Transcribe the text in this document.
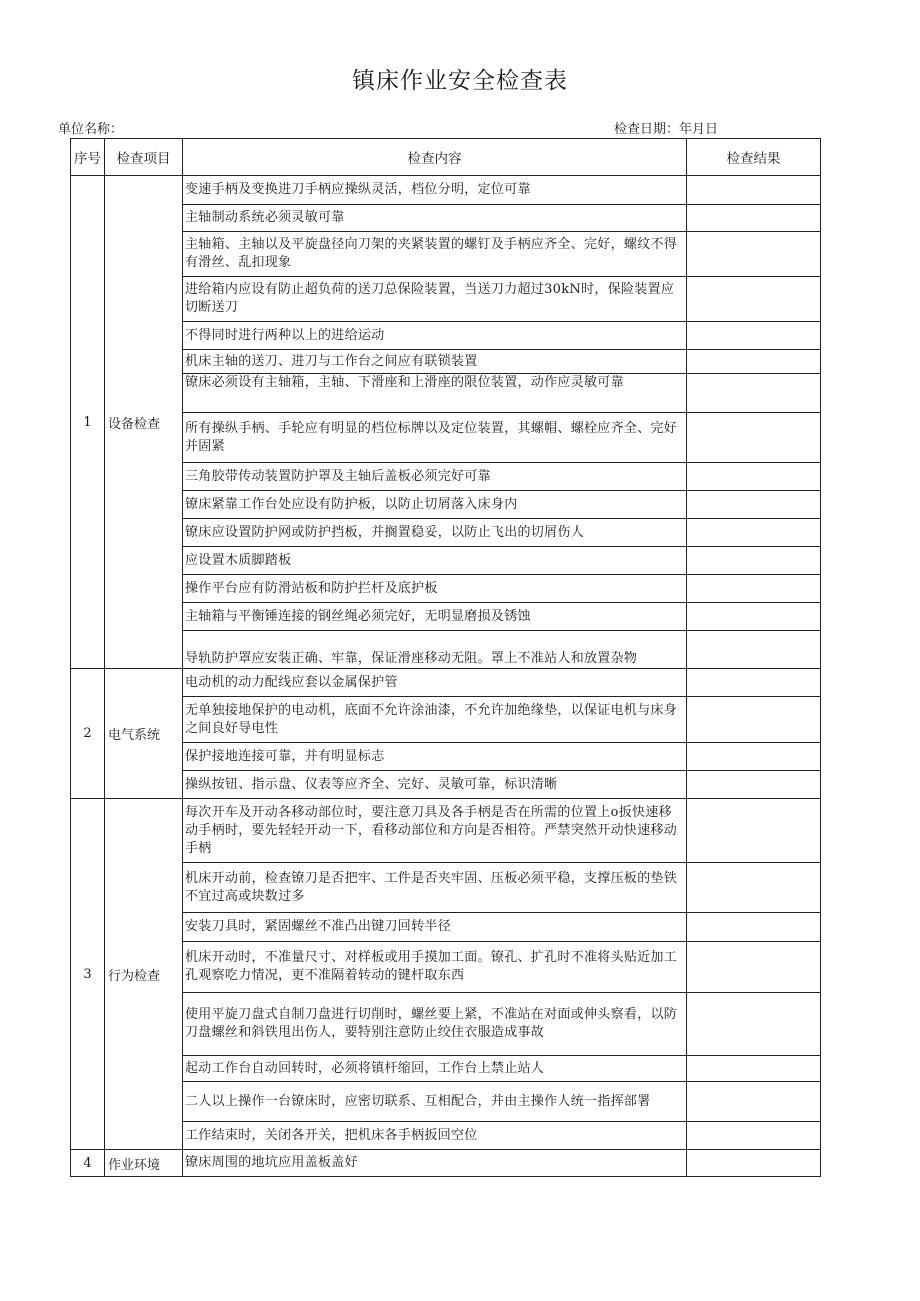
镇床作业安全检查表
单位名称：	检查日期：年月日
序号	检查项目	检查内容	检查结果
1	设备检查	变速手柄及变换进刀手柄应操纵灵活，档位分明，定位可靠	
		主轴制动系统必须灵敏可靠	
		主轴箱、主轴以及平旋盘径向刀架的夹紧装置的螺钉及手柄应齐全、完好，螺纹不得有滑丝、乱扣现象	
		进给箱内应设有防止超负荷的送刀总保险装置，当送刀力超过30kN时，保险装置应切断送刀	
		不得同时进行两种以上的进给运动	
		机床主轴的送刀、进刀与工作台之间应有联锁装置	
		镣床必须设有主轴箱，主轴、下滑座和上滑座的限位装置，动作应灵敏可靠	
		所有操纵手柄、手轮应有明显的档位标牌以及定位装置，其螺帽、螺栓应齐全、完好并固紧	
		三角胶带传动装置防护罩及主轴后盖板必须完好可靠	
		镣床紧靠工作台处应设有防护板，以防止切屑落入床身内	
		镣床应设置防护网或防护挡板，并搁置稳妥，以防止飞出的切屑伤人	
		应设置木质脚踏板	
		操作平台应有防滑站板和防护拦杆及底护板	
		主轴箱与平衡锤连接的钢丝绳必须完好，无明显磨损及锈蚀	
		导轨防护罩应安装正确、牢靠，保证滑座移动无阻。罩上不准站人和放置杂物	
2	电气系统	电动机的动力配线应套以金属保护管	
		无单独接地保护的电动机，底面不允许涂油漆，不允许加绝缘垫，以保证电机与床身之间良好导电性	
		保护接地连接可靠，并有明显标志	
		操纵按钮、指示盘、仪表等应齐全、完好、灵敏可靠，标识清晰	
3	行为检查	每次开车及开动各移动部位时，要注意刀具及各手柄是否在所需的位置上o扳快速移动手柄时，要先轻轻开动一下，看移动部位和方向是否相符。严禁突然开动快速移动手柄	
		机床开动前，检查镣刀是否把牢、工件是否夹牢固、压板必须平稳，支撑压板的垫铁不宜过高或块数过多	
		安装刀具时，紧固螺丝不准凸出键刀回转半径	
		机床开动时，不准量尺寸、对样板或用手摸加工面。镣孔、扩孔时不准将头贴近加工孔观察吃力情况，更不准隔着转动的键杆取东西	
		使用平旋刀盘式自制刀盘进行切削时，螺丝要上紧，不准站在对面或伸头察看，以防刀盘螺丝和斜铁甩出伤人，要特别注意防止绞住衣服造成事故	
		起动工作台自动回转时，必须将镇杆缩回，工作台上禁止站人	
		二人以上操作一台镣床时，应密切联系、互相配合，并由主操作人统一指挥部署	
		工作结束时，关闭各开关，把机床各手柄扳回空位	
4	作业环境	镣床周围的地坑应用盖板盖好	
